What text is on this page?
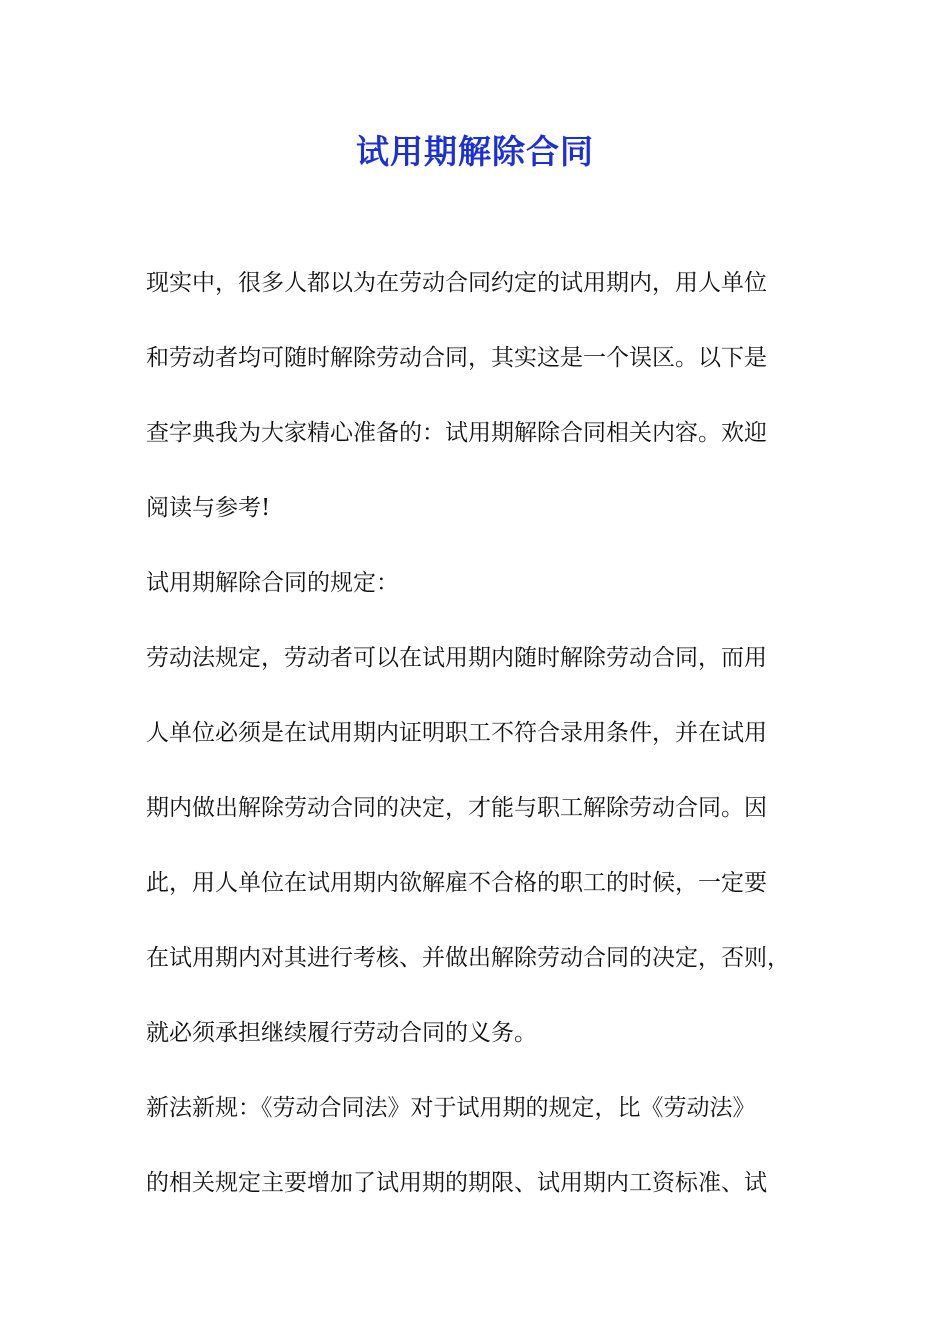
试用期解除合同

现实中，很多人都以为在劳动合同约定的试用期内，用人单位

和劳动者均可随时解除劳动合同，其实这是一个误区。以下是

查字典我为大家精心准备的：试用期解除合同相关内容。欢迎

阅读与参考!

试用期解除合同的规定：

劳动法规定，劳动者可以在试用期内随时解除劳动合同，而用

人单位必须是在试用期内证明职工不符合录用条件，并在试用

期内做出解除劳动合同的决定，才能与职工解除劳动合同。因

此，用人单位在试用期内欲解雇不合格的职工的时候，一定要

在试用期内对其进行考核、并做出解除劳动合同的决定，否则，

就必须承担继续履行劳动合同的义务。

新法新规：《劳动合同法》对于试用期的规定，比《劳动法》

的相关规定主要增加了试用期的期限、试用期内工资标准、试
